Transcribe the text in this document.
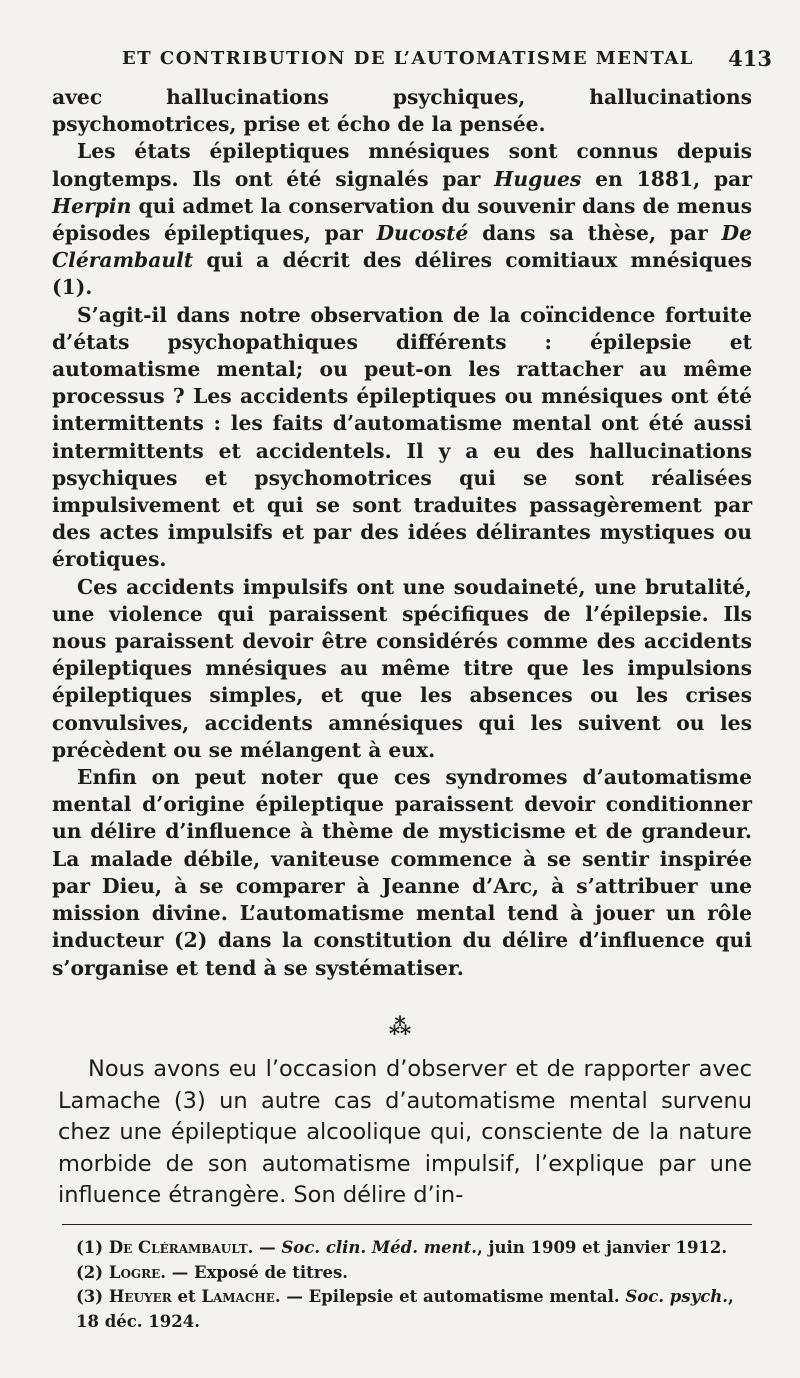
ET CONTRIBUTION DE L’AUTOMATISME MENTAL 413

avec hallucinations psychiques, hallucinations psychomotrices, prise et écho de la pensée.

Les états épileptiques mnésiques sont connus depuis longtemps. Ils ont été signalés par Hugues en 1881, par Herpin qui admet la conservation du souvenir dans de menus épisodes épileptiques, par Ducosté dans sa thèse, par De Clérambault qui a décrit des délires comitiaux mnésiques (1).

S’agit-il dans notre observation de la coïncidence fortuite d’états psychopathiques différents : épilepsie et automatisme mental; ou peut-on les rattacher au même processus ? Les accidents épileptiques ou mnésiques ont été intermittents : les faits d’automatisme mental ont été aussi intermittents et accidentels. Il y a eu des hallucinations psychiques et psychomotrices qui se sont réalisées impulsivement et qui se sont traduites passagèrement par des actes impulsifs et par des idées délirantes mystiques ou érotiques.

Ces accidents impulsifs ont une soudaineté, une brutalité, une violence qui paraissent spécifiques de l’épilepsie. Ils nous paraissent devoir être considérés comme des accidents épileptiques mnésiques au même titre que les impulsions épileptiques simples, et que les absences ou les crises convulsives, accidents amnésiques qui les suivent ou les précèdent ou se mélangent à eux.

Enfin on peut noter que ces syndromes d’automatisme mental d’origine épileptique paraissent devoir conditionner un délire d’influence à thème de mysticisme et de grandeur. La malade débile, vaniteuse commence à se sentir inspirée par Dieu, à se comparer à Jeanne d’Arc, à s’attribuer une mission divine. L’automatisme mental tend à jouer un rôle inducteur (2) dans la constitution du délire d’influence qui s’organise et tend à se systématiser.

⁂

Nous avons eu l’occasion d’observer et de rapporter avec Lamache (3) un autre cas d’automatisme mental survenu chez une épileptique alcoolique qui, consciente de la nature morbide de son automatisme impulsif, l’explique par une influence étrangère. Son délire d’in-

(1) De Clérambault. — Soc. clin. Méd. ment., juin 1909 et janvier 1912.

(2) Logre. — Exposé de titres.

(3) Heuyer et Lamache. — Epilepsie et automatisme mental. Soc. psych., 18 déc. 1924.
